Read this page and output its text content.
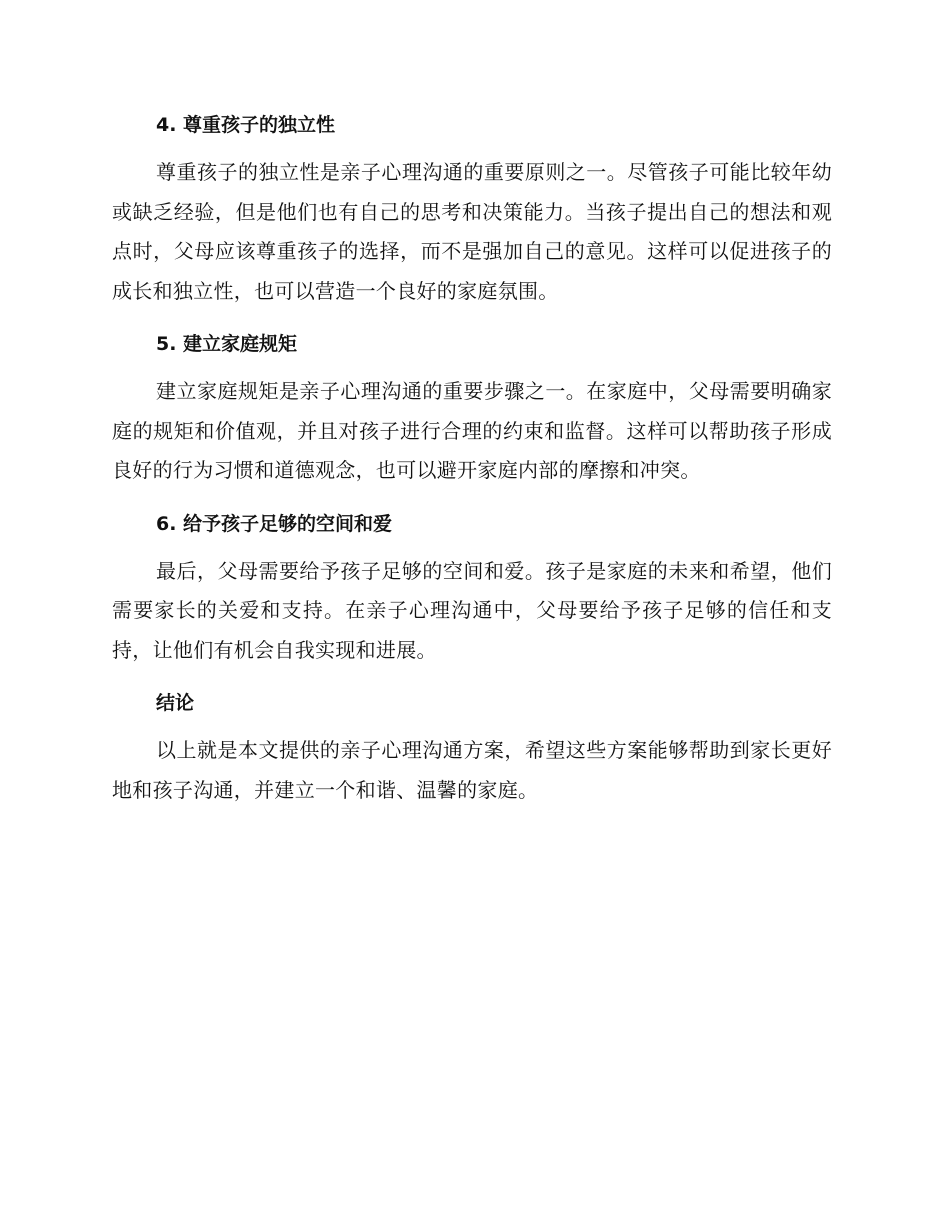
4. 尊重孩子的独立性

尊重孩子的独立性是亲子心理沟通的重要原则之一。尽管孩子可能比较年幼或缺乏经验，但是他们也有自己的思考和决策能力。当孩子提出自己的想法和观点时，父母应该尊重孩子的选择，而不是强加自己的意见。这样可以促进孩子的成长和独立性，也可以营造一个良好的家庭氛围。

5. 建立家庭规矩

建立家庭规矩是亲子心理沟通的重要步骤之一。在家庭中，父母需要明确家庭的规矩和价值观，并且对孩子进行合理的约束和监督。这样可以帮助孩子形成良好的行为习惯和道德观念，也可以避开家庭内部的摩擦和冲突。

6. 给予孩子足够的空间和爱

最后，父母需要给予孩子足够的空间和爱。孩子是家庭的未来和希望，他们需要家长的关爱和支持。在亲子心理沟通中，父母要给予孩子足够的信任和支持，让他们有机会自我实现和进展。

结论

以上就是本文提供的亲子心理沟通方案，希望这些方案能够帮助到家长更好地和孩子沟通，并建立一个和谐、温馨的家庭。
